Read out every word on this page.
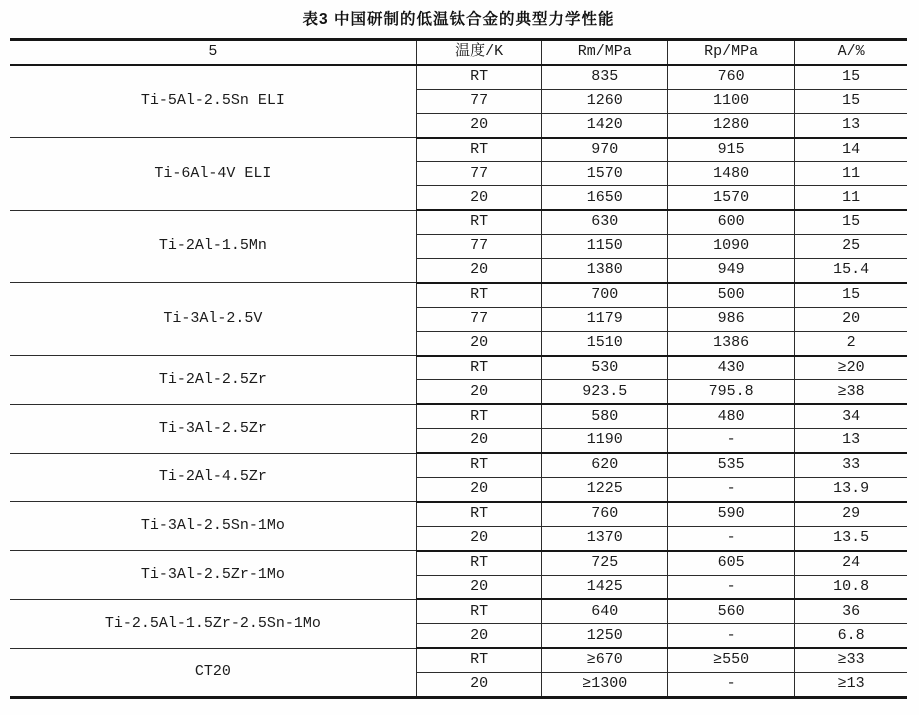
表3 中国研制的低温钛合金的典型力学性能
5	温度/K	Rm/MPa	Rp/MPa	A/%
Ti-5Al-2.5Sn ELI	RT	835	760	15
	77	1260	1100	15
	20	1420	1280	13
Ti-6Al-4V ELI	RT	970	915	14
	77	1570	1480	11
	20	1650	1570	11
Ti-2Al-1.5Mn	RT	630	600	15
	77	1150	1090	25
	20	1380	949	15.4
Ti-3Al-2.5V	RT	700	500	15
	77	1179	986	20
	20	1510	1386	2
Ti-2Al-2.5Zr	RT	530	430	≥20
	20	923.5	795.8	≥38
Ti-3Al-2.5Zr	RT	580	480	34
	20	1190	-	13
Ti-2Al-4.5Zr	RT	620	535	33
	20	1225	-	13.9
Ti-3Al-2.5Sn-1Mo	RT	760	590	29
	20	1370	-	13.5
Ti-3Al-2.5Zr-1Mo	RT	725	605	24
	20	1425	-	10.8
Ti-2.5Al-1.5Zr-2.5Sn-1Mo	RT	640	560	36
	20	1250	-	6.8
CT20	RT	≥670	≥550	≥33
	20	≥1300	-	≥13
